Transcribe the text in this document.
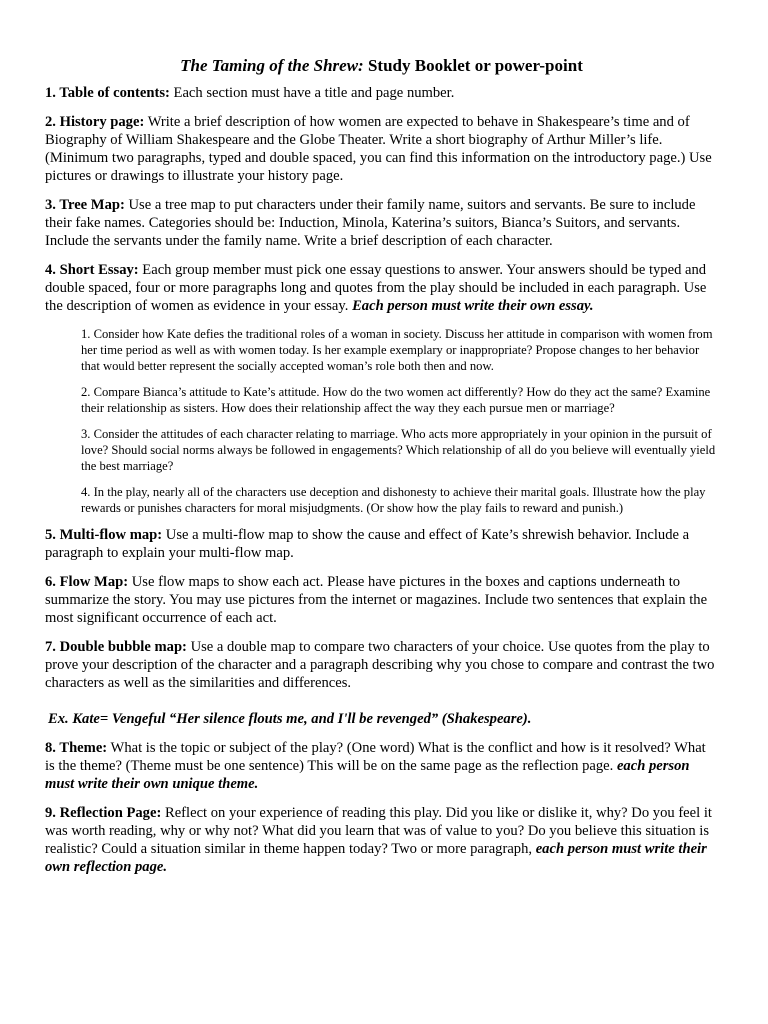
The Taming of the Shrew: Study Booklet or power-point
1. Table of contents: Each section must have a title and page number.
2. History page: Write a brief description of how women are expected to behave in Shakespeare’s time and of Biography of William Shakespeare and the Globe Theater. Write a short biography of Arthur Miller’s life. (Minimum two paragraphs, typed and double spaced, you can find this information on the introductory page.) Use pictures or drawings to illustrate your history page.
3. Tree Map: Use a tree map to put characters under their family name, suitors and servants. Be sure to include their fake names. Categories should be: Induction, Minola, Katerina’s suitors, Bianca’s Suitors, and servants. Include the servants under the family name. Write a brief description of each character.
4. Short Essay: Each group member must pick one essay questions to answer. Your answers should be typed and double spaced, four or more paragraphs long and quotes from the play should be included in each paragraph. Use the description of women as evidence in your essay. Each person must write their own essay.
1. Consider how Kate defies the traditional roles of a woman in society. Discuss her attitude in comparison with women from her time period as well as with women today. Is her example exemplary or inappropriate? Propose changes to her behavior that would better represent the socially accepted woman’s role both then and now.
2. Compare Bianca’s attitude to Kate’s attitude. How do the two women act differently? How do they act the same? Examine their relationship as sisters. How does their relationship affect the way they each pursue men or marriage?
3. Consider the attitudes of each character relating to marriage. Who acts more appropriately in your opinion in the pursuit of love? Should social norms always be followed in engagements? Which relationship of all do you believe will eventually yield the best marriage?
4. In the play, nearly all of the characters use deception and dishonesty to achieve their marital goals. Illustrate how the play rewards or punishes characters for moral misjudgments. (Or show how the play fails to reward and punish.)
5. Multi-flow map: Use a multi-flow map to show the cause and effect of Kate’s shrewish behavior. Include a paragraph to explain your multi-flow map.
6. Flow Map: Use flow maps to show each act. Please have pictures in the boxes and captions underneath to summarize the story. You may use pictures from the internet or magazines. Include two sentences that explain the most significant occurrence of each act.
7. Double bubble map: Use a double map to compare two characters of your choice. Use quotes from the play to prove your description of the character and a paragraph describing why you chose to compare and contrast the two characters as well as the similarities and differences.
Ex. Kate= Vengeful “Her silence flouts me, and I'll be revenged” (Shakespeare).
8. Theme: What is the topic or subject of the play? (One word) What is the conflict and how is it resolved? What is the theme? (Theme must be one sentence) This will be on the same page as the reflection page. each person must write their own unique theme.
9. Reflection Page: Reflect on your experience of reading this play. Did you like or dislike it, why? Do you feel it was worth reading, why or why not? What did you learn that was of value to you? Do you believe this situation is realistic? Could a situation similar in theme happen today? Two or more paragraph, each person must write their own reflection page.
